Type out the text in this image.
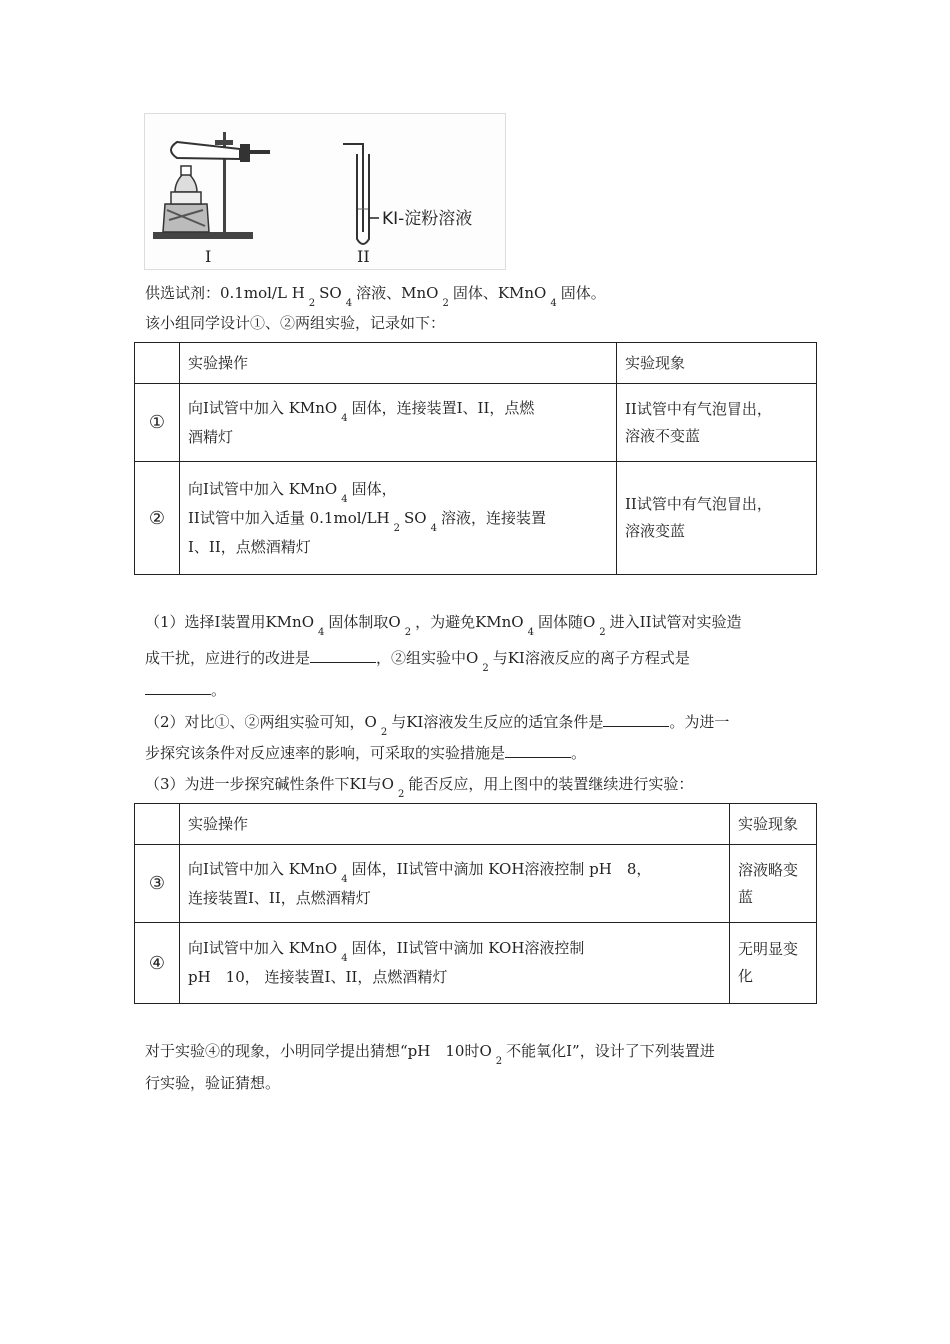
I	II
KI-淀粉溶液
供选试剂：0.1mol/L $H_2SO_4$溶液、MnO$_2$固体、KMnO$_4$固体。
该小组同学设计①、②两组实验，记录如下：
	实验操作	实验现象
①	向I试管中加入 KMnO$_4$固体，连接装置I、II，点燃
酒精灯	II试管中有气泡冒出，
溶液不变蓝
②	向I试管中加入 KMnO$_4$固体，
II试管中加入适量 $0.1mol/LH_2SO_4$溶液，连接装置
I、II，点燃酒精灯	II试管中有气泡冒出，
溶液变蓝
（1）选择I装置用KMnO$_4$固体制取$O_2$，为避免KMnO$_4$固体随$O_2$进入II试管对实验造
成干扰，应进行的改进是	，②组实验中$O_2$与KI溶液反应的离子方程式是
。
（2）对比①、②两组实验可知，$O_2$与KI溶液发生反应的适宜条件是	。为进一
步探究该条件对反应速率的影响，可采取的实验措施是	。
（3）为进一步探究碱性条件下KI与$O_2$能否反应，用上图中的装置继续进行实验：
	实验操作	实验现象
③	向I试管中加入 KMnO$_4$固体，II试管中滴加 KOH溶液控制 pH　8，
连接装置I、II，点燃酒精灯	溶液略变
蓝
④	向I试管中加入 KMnO$_4$固体，II试管中滴加 KOH溶液控制
pH　10， 连接装置I、II，点燃酒精灯	无明显变
化
对于实验④的现象，小明同学提出猜想“pH　10时$O_2$不能氧化I”，设计了下列装置进
行实验，验证猜想。
